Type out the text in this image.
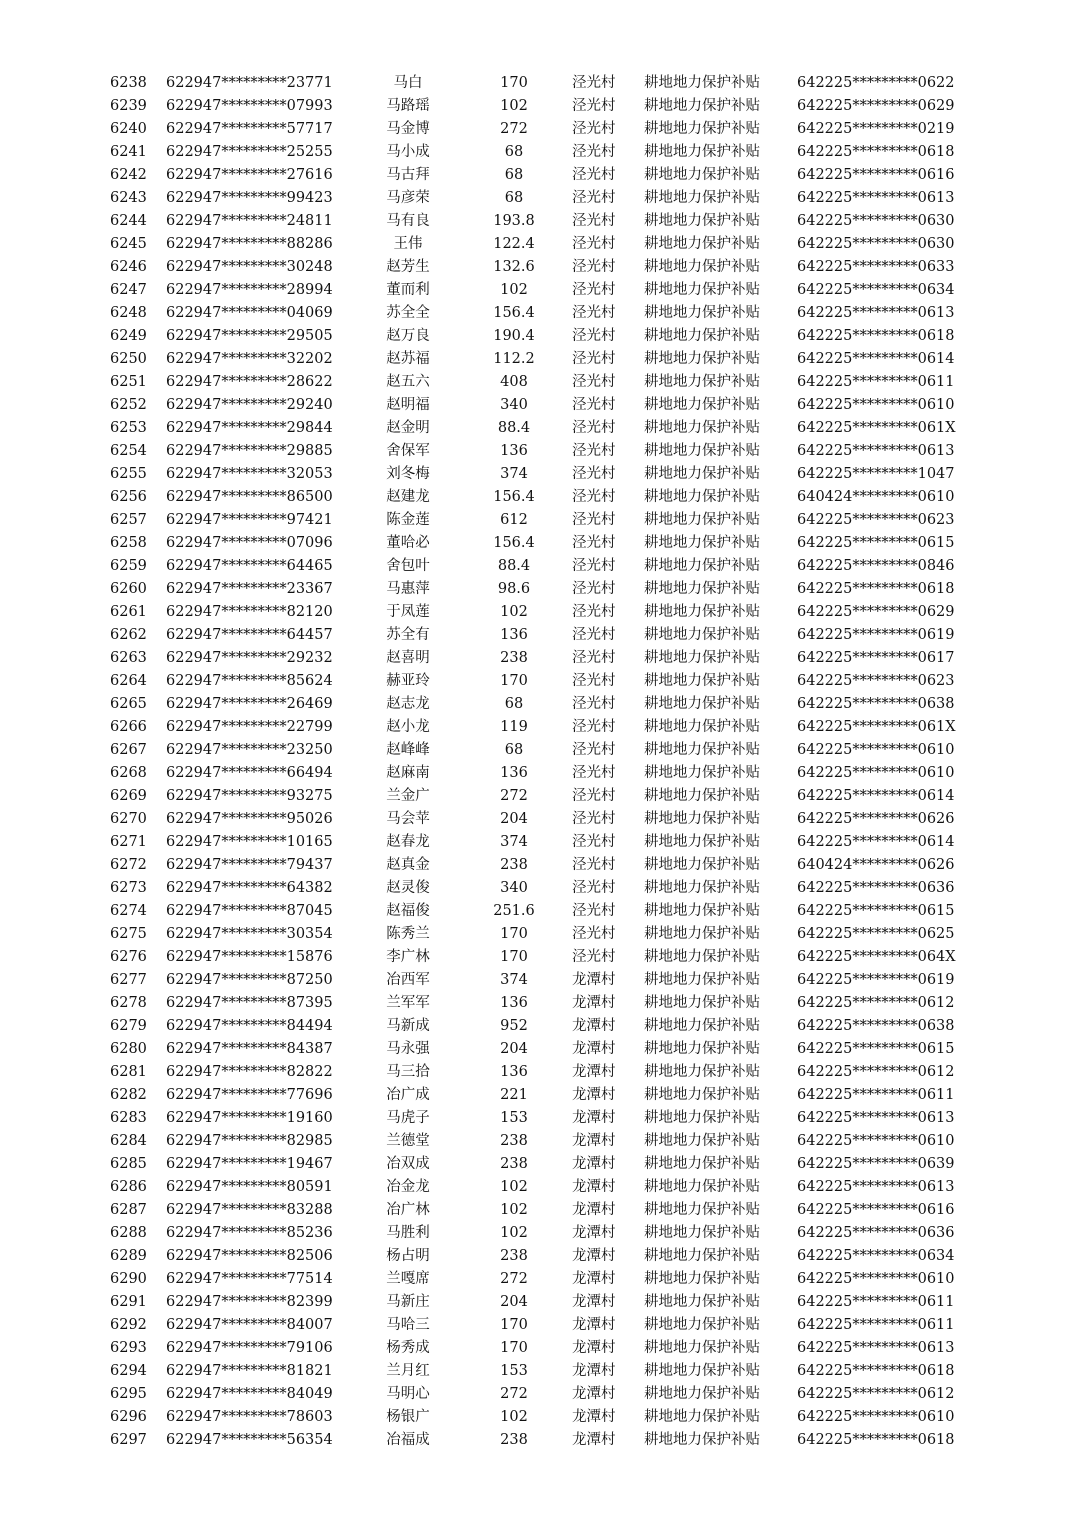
6238 622947*********23771	马白	170	泾光村 耕地地力保护补贴	642225*********0622
6239 622947*********07993	马路瑶	102	泾光村 耕地地力保护补贴	642225*********0629
6240 622947*********57717	马金博	272	泾光村 耕地地力保护补贴	642225*********0219
6241 622947*********25255	马小成	68	泾光村 耕地地力保护补贴	642225*********0618
6242 622947*********27616	马古拜	68	泾光村 耕地地力保护补贴	642225*********0616
6243 622947*********99423	马彦荣	68	泾光村 耕地地力保护补贴	642225*********0613
6244 622947*********24811	马有良	193.8	泾光村 耕地地力保护补贴	642225*********0630
6245 622947*********88286	王伟	122.4	泾光村 耕地地力保护补贴	642225*********0630
6246 622947*********30248	赵芳生	132.6	泾光村 耕地地力保护补贴	642225*********0633
6247 622947*********28994	董而利	102	泾光村 耕地地力保护补贴	642225*********0634
6248 622947*********04069	苏全全	156.4	泾光村 耕地地力保护补贴	642225*********0613
6249 622947*********29505	赵万良	190.4	泾光村 耕地地力保护补贴	642225*********0618
6250 622947*********32202	赵苏福	112.2	泾光村 耕地地力保护补贴	642225*********0614
6251 622947*********28622	赵五六	408	泾光村 耕地地力保护补贴	642225*********0611
6252 622947*********29240	赵明福	340	泾光村 耕地地力保护补贴	642225*********0610
6253 622947*********29844	赵金明	88.4	泾光村 耕地地力保护补贴	642225*********061X
6254 622947*********29885	舍保军	136	泾光村 耕地地力保护补贴	642225*********0613
6255 622947*********32053	刘冬梅	374	泾光村 耕地地力保护补贴	642225*********1047
6256 622947*********86500	赵建龙	156.4	泾光村 耕地地力保护补贴	640424*********0610
6257 622947*********97421	陈金莲	612	泾光村 耕地地力保护补贴	642225*********0623
6258 622947*********07096	董哈必	156.4	泾光村 耕地地力保护补贴	642225*********0615
6259 622947*********64465	舍包叶	88.4	泾光村 耕地地力保护补贴	642225*********0846
6260 622947*********23367	马惠萍	98.6	泾光村 耕地地力保护补贴	642225*********0618
6261 622947*********82120	于凤莲	102	泾光村 耕地地力保护补贴	642225*********0629
6262 622947*********64457	苏全有	136	泾光村 耕地地力保护补贴	642225*********0619
6263 622947*********29232	赵喜明	238	泾光村 耕地地力保护补贴	642225*********0617
6264 622947*********85624	赫亚玲	170	泾光村 耕地地力保护补贴	642225*********0623
6265 622947*********26469	赵志龙	68	泾光村 耕地地力保护补贴	642225*********0638
6266 622947*********22799	赵小龙	119	泾光村 耕地地力保护补贴	642225*********061X
6267 622947*********23250	赵峰峰	68	泾光村 耕地地力保护补贴	642225*********0610
6268 622947*********66494	赵麻南	136	泾光村 耕地地力保护补贴	642225*********0610
6269 622947*********93275	兰金广	272	泾光村 耕地地力保护补贴	642225*********0614
6270 622947*********95026	马会苹	204	泾光村 耕地地力保护补贴	642225*********0626
6271 622947*********10165	赵春龙	374	泾光村 耕地地力保护补贴	642225*********0614
6272 622947*********79437	赵真金	238	泾光村 耕地地力保护补贴	640424*********0626
6273 622947*********64382	赵灵俊	340	泾光村 耕地地力保护补贴	642225*********0636
6274 622947*********87045	赵福俊	251.6	泾光村 耕地地力保护补贴	642225*********0615
6275 622947*********30354	陈秀兰	170	泾光村 耕地地力保护补贴	642225*********0625
6276 622947*********15876	李广林	170	泾光村 耕地地力保护补贴	642225*********064X
6277 622947*********87250	冶西军	374	龙潭村 耕地地力保护补贴	642225*********0619
6278 622947*********87395	兰军军	136	龙潭村 耕地地力保护补贴	642225*********0612
6279 622947*********84494	马新成	952	龙潭村 耕地地力保护补贴	642225*********0638
6280 622947*********84387	马永强	204	龙潭村 耕地地力保护补贴	642225*********0615
6281 622947*********82822	马三拾	136	龙潭村 耕地地力保护补贴	642225*********0612
6282 622947*********77696	冶广成	221	龙潭村 耕地地力保护补贴	642225*********0611
6283 622947*********19160	马虎子	153	龙潭村 耕地地力保护补贴	642225*********0613
6284 622947*********82985	兰德堂	238	龙潭村 耕地地力保护补贴	642225*********0610
6285 622947*********19467	冶双成	238	龙潭村 耕地地力保护补贴	642225*********0639
6286 622947*********80591	冶金龙	102	龙潭村 耕地地力保护补贴	642225*********0613
6287 622947*********83288	冶广林	102	龙潭村 耕地地力保护补贴	642225*********0616
6288 622947*********85236	马胜利	102	龙潭村 耕地地力保护补贴	642225*********0636
6289 622947*********82506	杨占明	238	龙潭村 耕地地力保护补贴	642225*********0634
6290 622947*********77514	兰嘎席	272	龙潭村 耕地地力保护补贴	642225*********0610
6291 622947*********82399	马新庄	204	龙潭村 耕地地力保护补贴	642225*********0611
6292 622947*********84007	马哈三	170	龙潭村 耕地地力保护补贴	642225*********0611
6293 622947*********79106	杨秀成	170	龙潭村 耕地地力保护补贴	642225*********0613
6294 622947*********81821	兰月红	153	龙潭村 耕地地力保护补贴	642225*********0618
6295 622947*********84049	马明心	272	龙潭村 耕地地力保护补贴	642225*********0612
6296 622947*********78603	杨银广	102	龙潭村 耕地地力保护补贴	642225*********0610
6297 622947*********56354	冶福成	238	龙潭村 耕地地力保护补贴	642225*********0618
